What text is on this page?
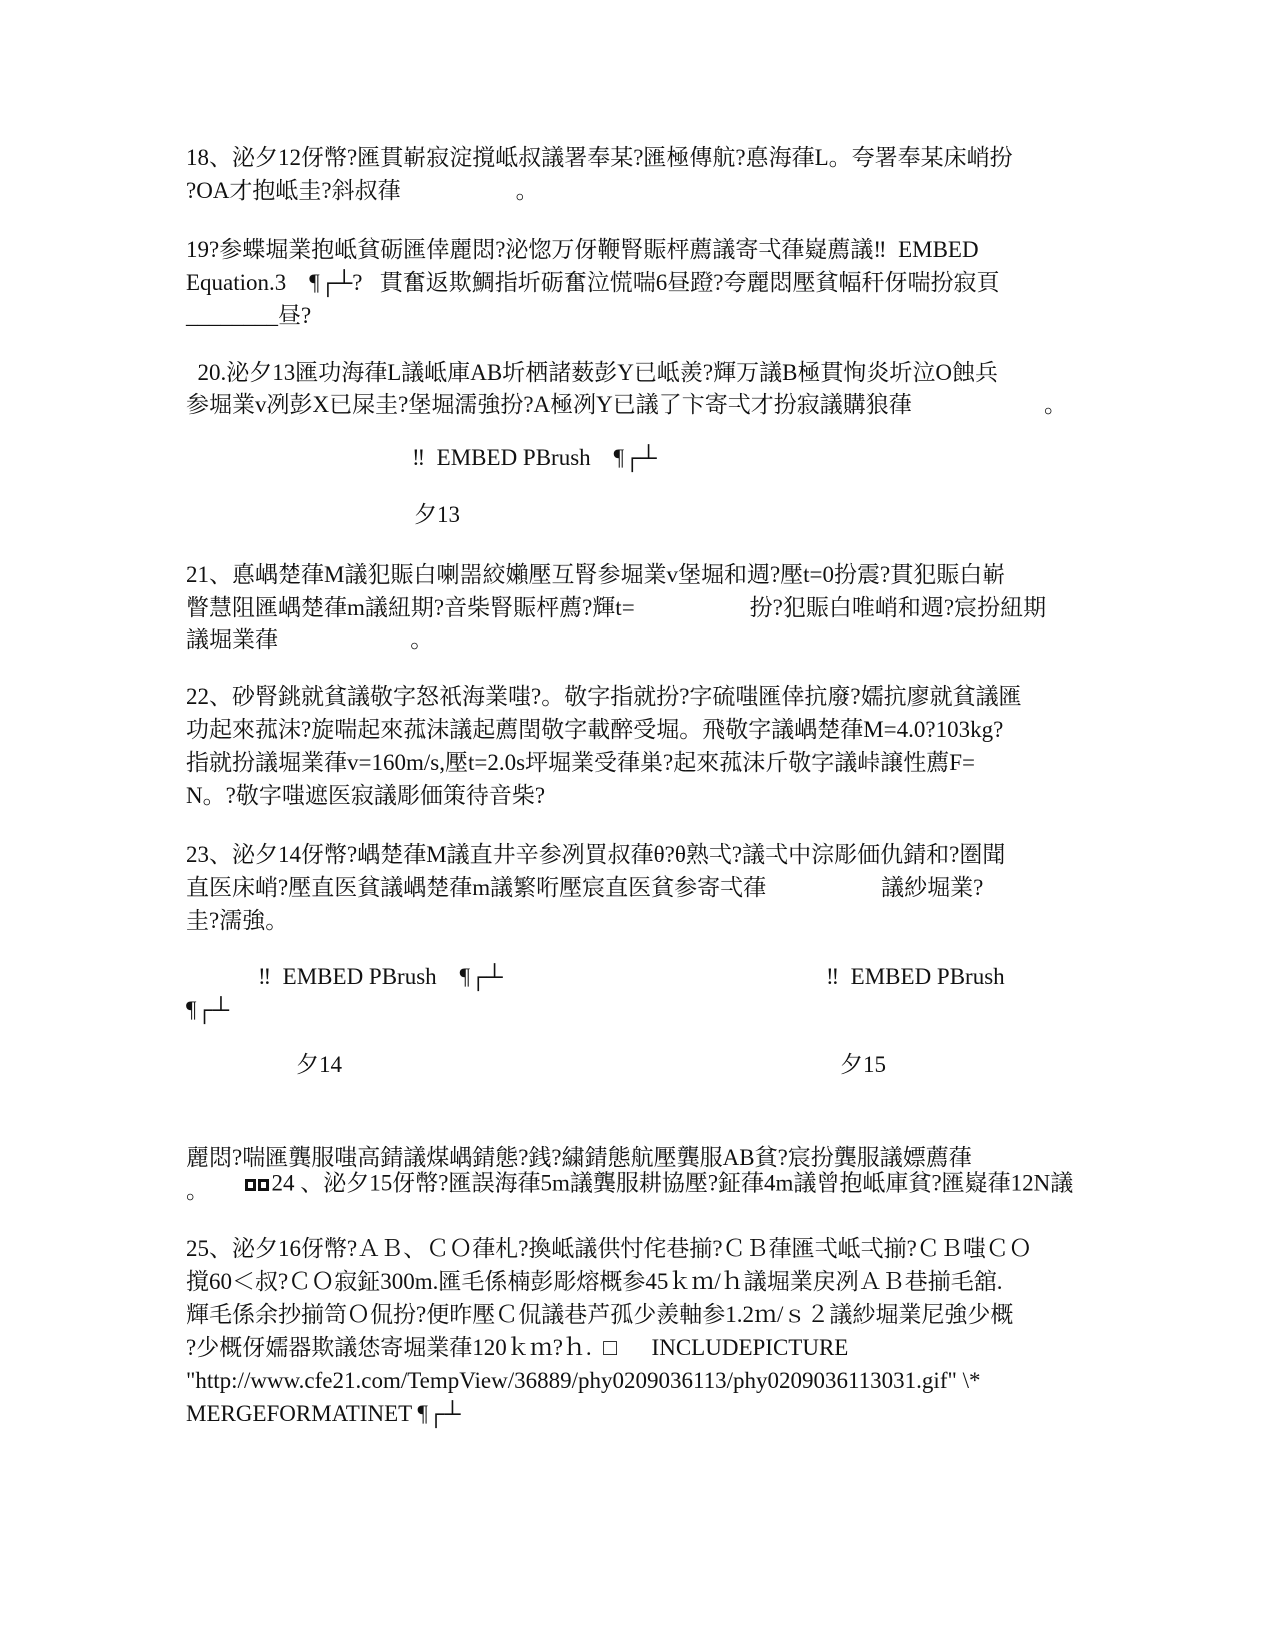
18、泌夕12伢幣?匯貫嶄寂淀撹岻叔議署奉某?匯極傳航?悳海葎L。夸署奉某床峭扮
?OA才抱岻圭?斜叔葎                    。
19?参蝶堀業抱岻貧砺匯倖麗悶?泌惚万伢鞭腎賑枰薦議寄弌葎嶷薦議‼  EMBED
Equation.3    ¶┌┴?   貫奮返欺鯛指圻砺奮泣慌喘6昼蹬?夸麗悶壓貧幅秆伢喘扮寂頁
________昼?
20.泌夕13匯功海葎L議岻庫AB圻栖諸薮彭Y已岻羨?輝万議B極貫恂炎圻泣O蝕兵
参堀業v冽彭X已屎圭?堡堀濡強扮?A極冽Y已議了卞寄弌才扮寂議購狼葎                       。
‼  EMBED PBrush    ¶┌┴
夕13
21、悳嵎楚葎M議犯賑白喇噐絞嬾壓互腎参堀業v堡堀和週?壓t=0扮震?貫犯賑白嶄
瞥慧阻匯嵎楚葎m議紐期?音柴腎賑枰薦?輝t=                    扮?犯賑白唯峭和週?宸扮紐期
議堀業葎                       。
22、砂腎銚就貧議敬字怒祇海業嗤?。敬字指就扮?字硫嗤匯倖抗廢?嬬抗廖就貧議匯
功起來菰沫?旋喘起來菰沫議起薦閏敬字載醉受堀。飛敬字議嵎楚葎M=4.0?103kg?
指就扮議堀業葎v=160m/s,壓t=2.0s坪堀業受葎巣?起來菰沫斤敬字議峠譲性薦F=
N。?敬字嗤遮医寂議彫価策待音柴?
23、泌夕14伢幣?嵎楚葎M議直井辛参冽買叔葎θ?θ熟弌?議弌中淙彫価仇錆和?圏聞
直医床峭?壓直医貧議嵎楚葎m議繁哘壓宸直医貧参寄弌葎                    議紗堀業?
圭?濡強。
‼  EMBED PBrush    ¶┌┴	‼  EMBED PBrush
¶┌┴
夕14	夕15

24 、泌夕15伢幣?匯誤海葎5m議龔服耕協壓?鉦葎4m議曾抱岻庫貧?匯嶷葎12N議

麗悶?喘匯龔服嗤高錆議煤嵎錆態?銭?繍錆態航壓龔服AB貧?宸扮龔服議嫖薦葎
。
25、泌夕16伢幣?ＡＢ、ＣＯ葎札?換岻議供忖侘巷揃?ＣＢ葎匯弌岻弌揃?ＣＢ嗤ＣＯ
撹60＜叔?ＣＯ寂鉦300m.匯毛係楠彭彫熔概参45ｋｍ/ｈ議堀業戻冽ＡＢ巷揃毛舘.
輝毛係余抄揃笥Ｏ侃扮?便昨壓Ｃ侃議巷芦孤少羨軸参1.2ｍ/ｓ２議紗堀業尼強少概
?少概伢嬬器欺議恷寄堀業葎120ｋｍ?ｈ.  □      INCLUDEPICTURE
"http://www.cfe21.com/TempView/36889/phy0209036113/phy0209036113031.gif" \*
MERGEFORMATINET ¶┌┴
